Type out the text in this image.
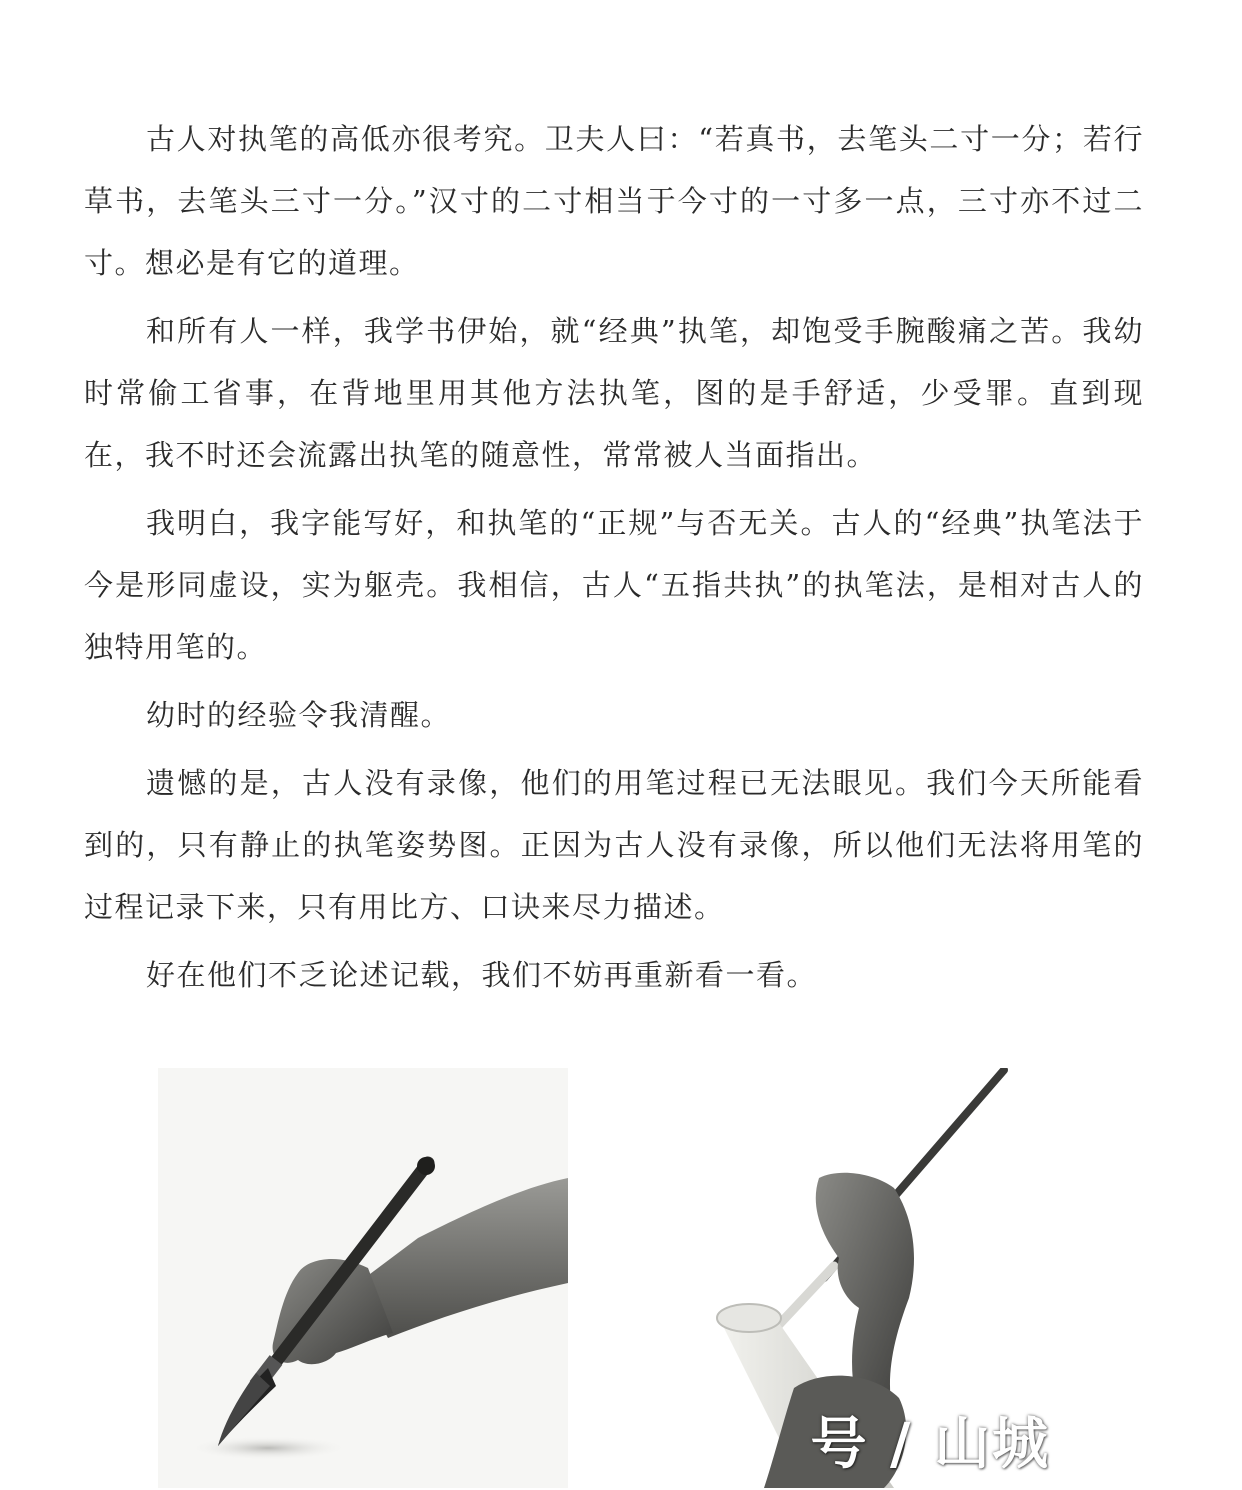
古人对执笔的高低亦很考究。卫夫人曰：“若真书，去笔头二寸一分；若行草书，去笔头三寸一分。”汉寸的二寸相当于今寸的一寸多一点，三寸亦不过二寸。想必是有它的道理。

和所有人一样，我学书伊始，就“经典”执笔，却饱受手腕酸痛之苦。我幼时常偷工省事，在背地里用其他方法执笔，图的是手舒适，少受罪。直到现在，我不时还会流露出执笔的随意性，常常被人当面指出。

我明白，我字能写好，和执笔的“正规”与否无关。古人的“经典”执笔法于今是形同虚设，实为躯壳。我相信，古人“五指共执”的执笔法，是相对古人的独特用笔的。

幼时的经验令我清醒。

遗憾的是，古人没有录像，他们的用笔过程已无法眼见。我们今天所能看到的，只有静止的执笔姿势图。正因为古人没有录像，所以他们无法将用笔的过程记录下来，只有用比方、口诀来尽力描述。

好在他们不乏论述记载，我们不妨再重新看一看。

号 / 山城
